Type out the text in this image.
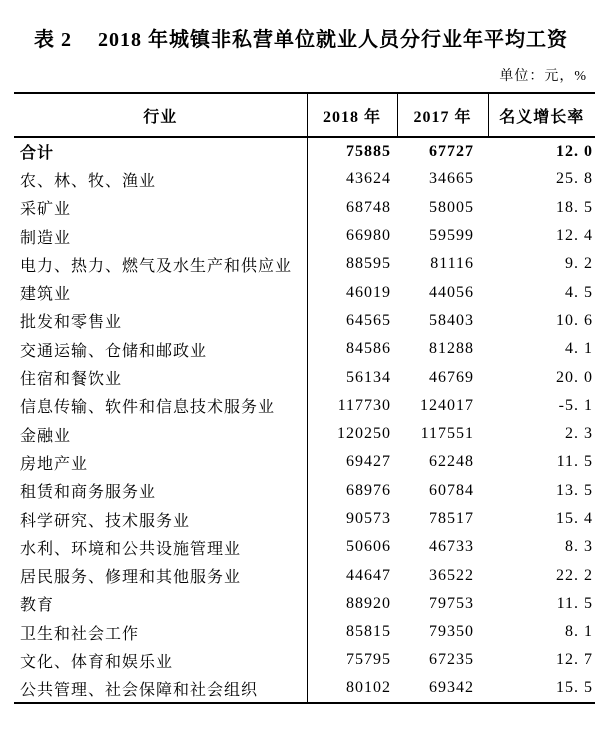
表 2 2018 年城镇非私营单位就业人员分行业年平均工资
单位：元，%
行业	2018 年	2017 年	名义增长率
合计	75885	67727	12. 0
农、林、牧、渔业	43624	34665	25. 8
采矿业	68748	58005	18. 5
制造业	66980	59599	12. 4
电力、热力、燃气及水生产和供应业	88595	81116	9. 2
建筑业	46019	44056	4. 5
批发和零售业	64565	58403	10. 6
交通运输、仓储和邮政业	84586	81288	4. 1
住宿和餐饮业	56134	46769	20. 0
信息传输、软件和信息技术服务业	117730	124017	-5. 1
金融业	120250	117551	2. 3
房地产业	69427	62248	11. 5
租赁和商务服务业	68976	60784	13. 5
科学研究、技术服务业	90573	78517	15. 4
水利、环境和公共设施管理业	50606	46733	8. 3
居民服务、修理和其他服务业	44647	36522	22. 2
教育	88920	79753	11. 5
卫生和社会工作	85815	79350	8. 1
文化、体育和娱乐业	75795	67235	12. 7
公共管理、社会保障和社会组织	80102	69342	15. 5
